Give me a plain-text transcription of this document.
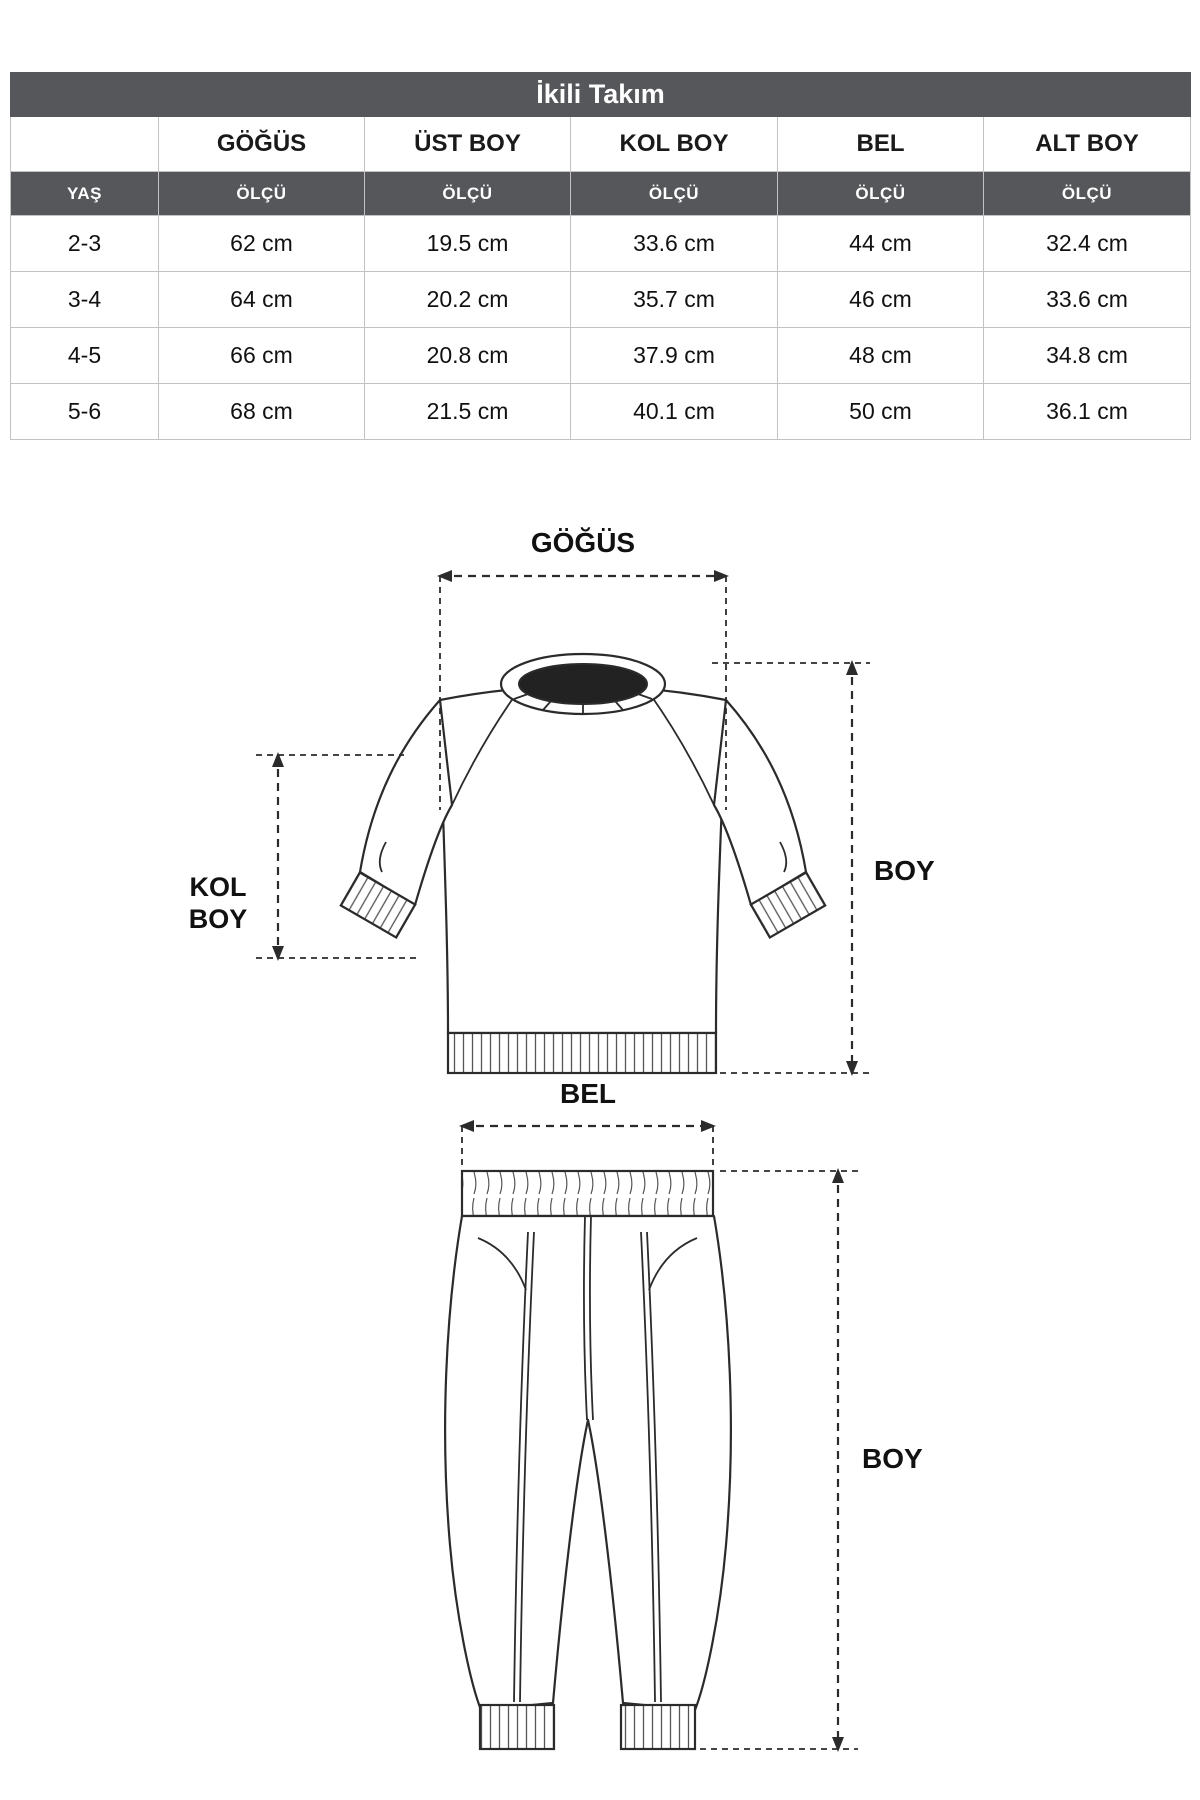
İkili Takım					
	GÖĞÜS	ÜST BOY	KOL BOY	BEL	ALT BOY
YAŞ	ÖLÇÜ	ÖLÇÜ	ÖLÇÜ	ÖLÇÜ	ÖLÇÜ
2-3	62 cm	19.5 cm	33.6 cm	44 cm	32.4 cm
3-4	64 cm	20.2 cm	35.7 cm	46 cm	33.6 cm
4-5	66 cm	20.8 cm	37.9 cm	48 cm	34.8 cm
5-6	68 cm	21.5 cm	40.1 cm	50 cm	36.1 cm
GÖĞÜS
BOY
KOL
BOY
BEL
BOY
